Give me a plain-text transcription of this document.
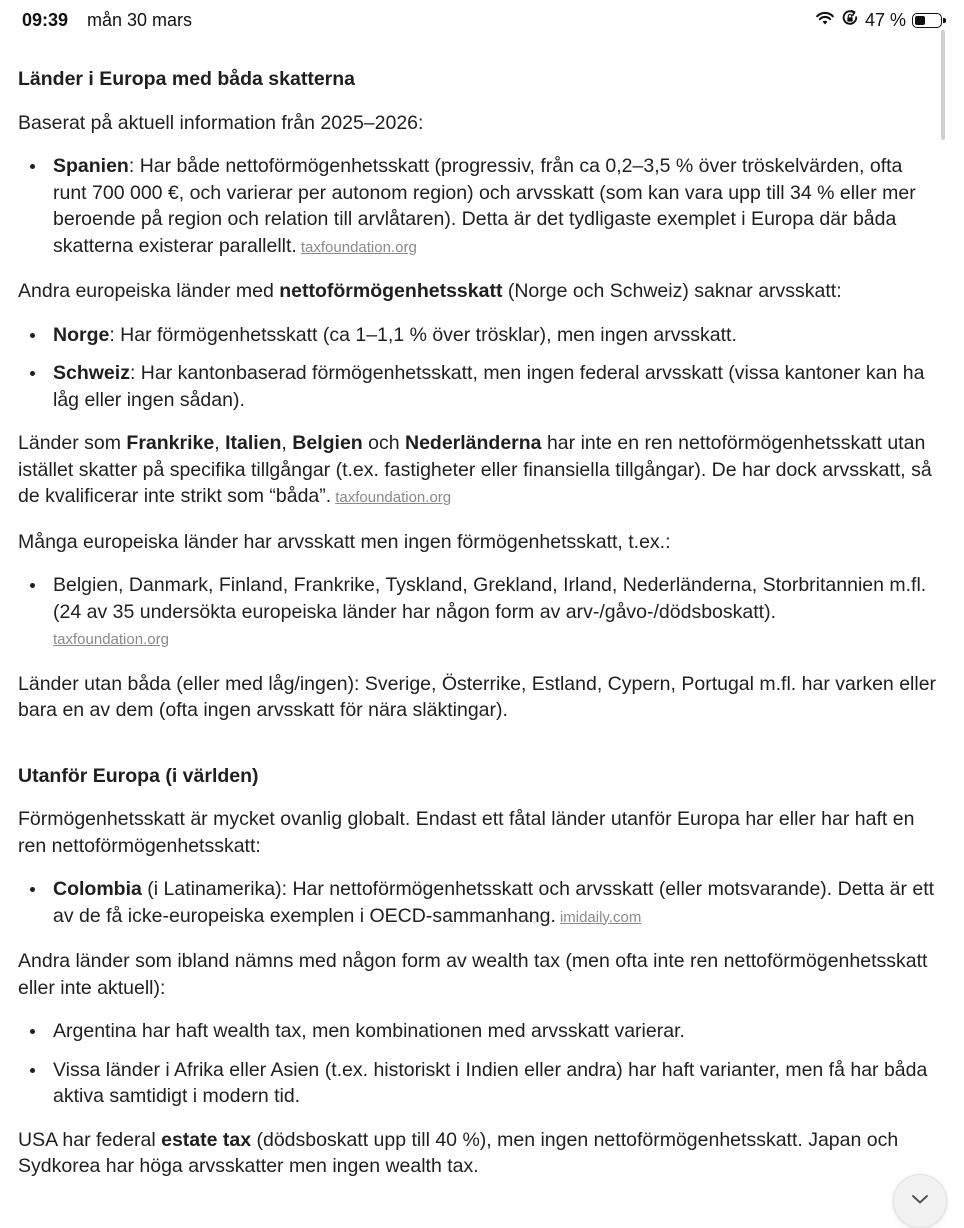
09:39 mån 30 mars	47 %
Länder i Europa med båda skatterna

Baserat på aktuell information från 2025–2026:

Spanien: Har både nettoförmögenhetsskatt (progressiv, från ca 0,2–3,5 % över tröskelvärden, ofta runt 700 000 €, och varierar per autonom region) och arvsskatt (som kan vara upp till 34 % eller mer beroende på region och relation till arvlåtaren). Detta är det tydligaste exemplet i Europa där båda skatterna existerar parallellt. taxfoundation.org

Andra europeiska länder med nettoförmögenhetsskatt (Norge och Schweiz) saknar arvsskatt:

Norge: Har förmögenhetsskatt (ca 1–1,1 % över trösklar), men ingen arvsskatt.
Schweiz: Har kantonbaserad förmögenhetsskatt, men ingen federal arvsskatt (vissa kantoner kan ha låg eller ingen sådan).

Länder som Frankrike, Italien, Belgien och Nederländerna har inte en ren nettoförmögenhetsskatt utan istället skatter på specifika tillgångar (t.ex. fastigheter eller finansiella tillgångar). De har dock arvsskatt, så de kvalificerar inte strikt som “båda”. taxfoundation.org

Många europeiska länder har arvsskatt men ingen förmögenhetsskatt, t.ex.:

Belgien, Danmark, Finland, Frankrike, Tyskland, Grekland, Irland, Nederländerna, Storbritannien m.fl. (24 av 35 undersökta europeiska länder har någon form av arv-/gåvo-/dödsboskatt).
taxfoundation.org

Länder utan båda (eller med låg/ingen): Sverige, Österrike, Estland, Cypern, Portugal m.fl. har varken eller bara en av dem (ofta ingen arvsskatt för nära släktingar).

Utanför Europa (i världen)

Förmögenhetsskatt är mycket ovanlig globalt. Endast ett fåtal länder utanför Europa har eller har haft en ren nettoförmögenhetsskatt:

Colombia (i Latinamerika): Har nettoförmögenhetsskatt och arvsskatt (eller motsvarande). Detta är ett av de få icke-europeiska exemplen i OECD-sammanhang. imidaily.com

Andra länder som ibland nämns med någon form av wealth tax (men ofta inte ren nettoförmögenhetsskatt eller inte aktuell):

Argentina har haft wealth tax, men kombinationen med arvsskatt varierar.
Vissa länder i Afrika eller Asien (t.ex. historiskt i Indien eller andra) har haft varianter, men få har båda aktiva samtidigt i modern tid.

USA har federal estate tax (dödsboskatt upp till 40 %), men ingen nettoförmögenhetsskatt. Japan och Sydkorea har höga arvsskatter men ingen wealth tax.
